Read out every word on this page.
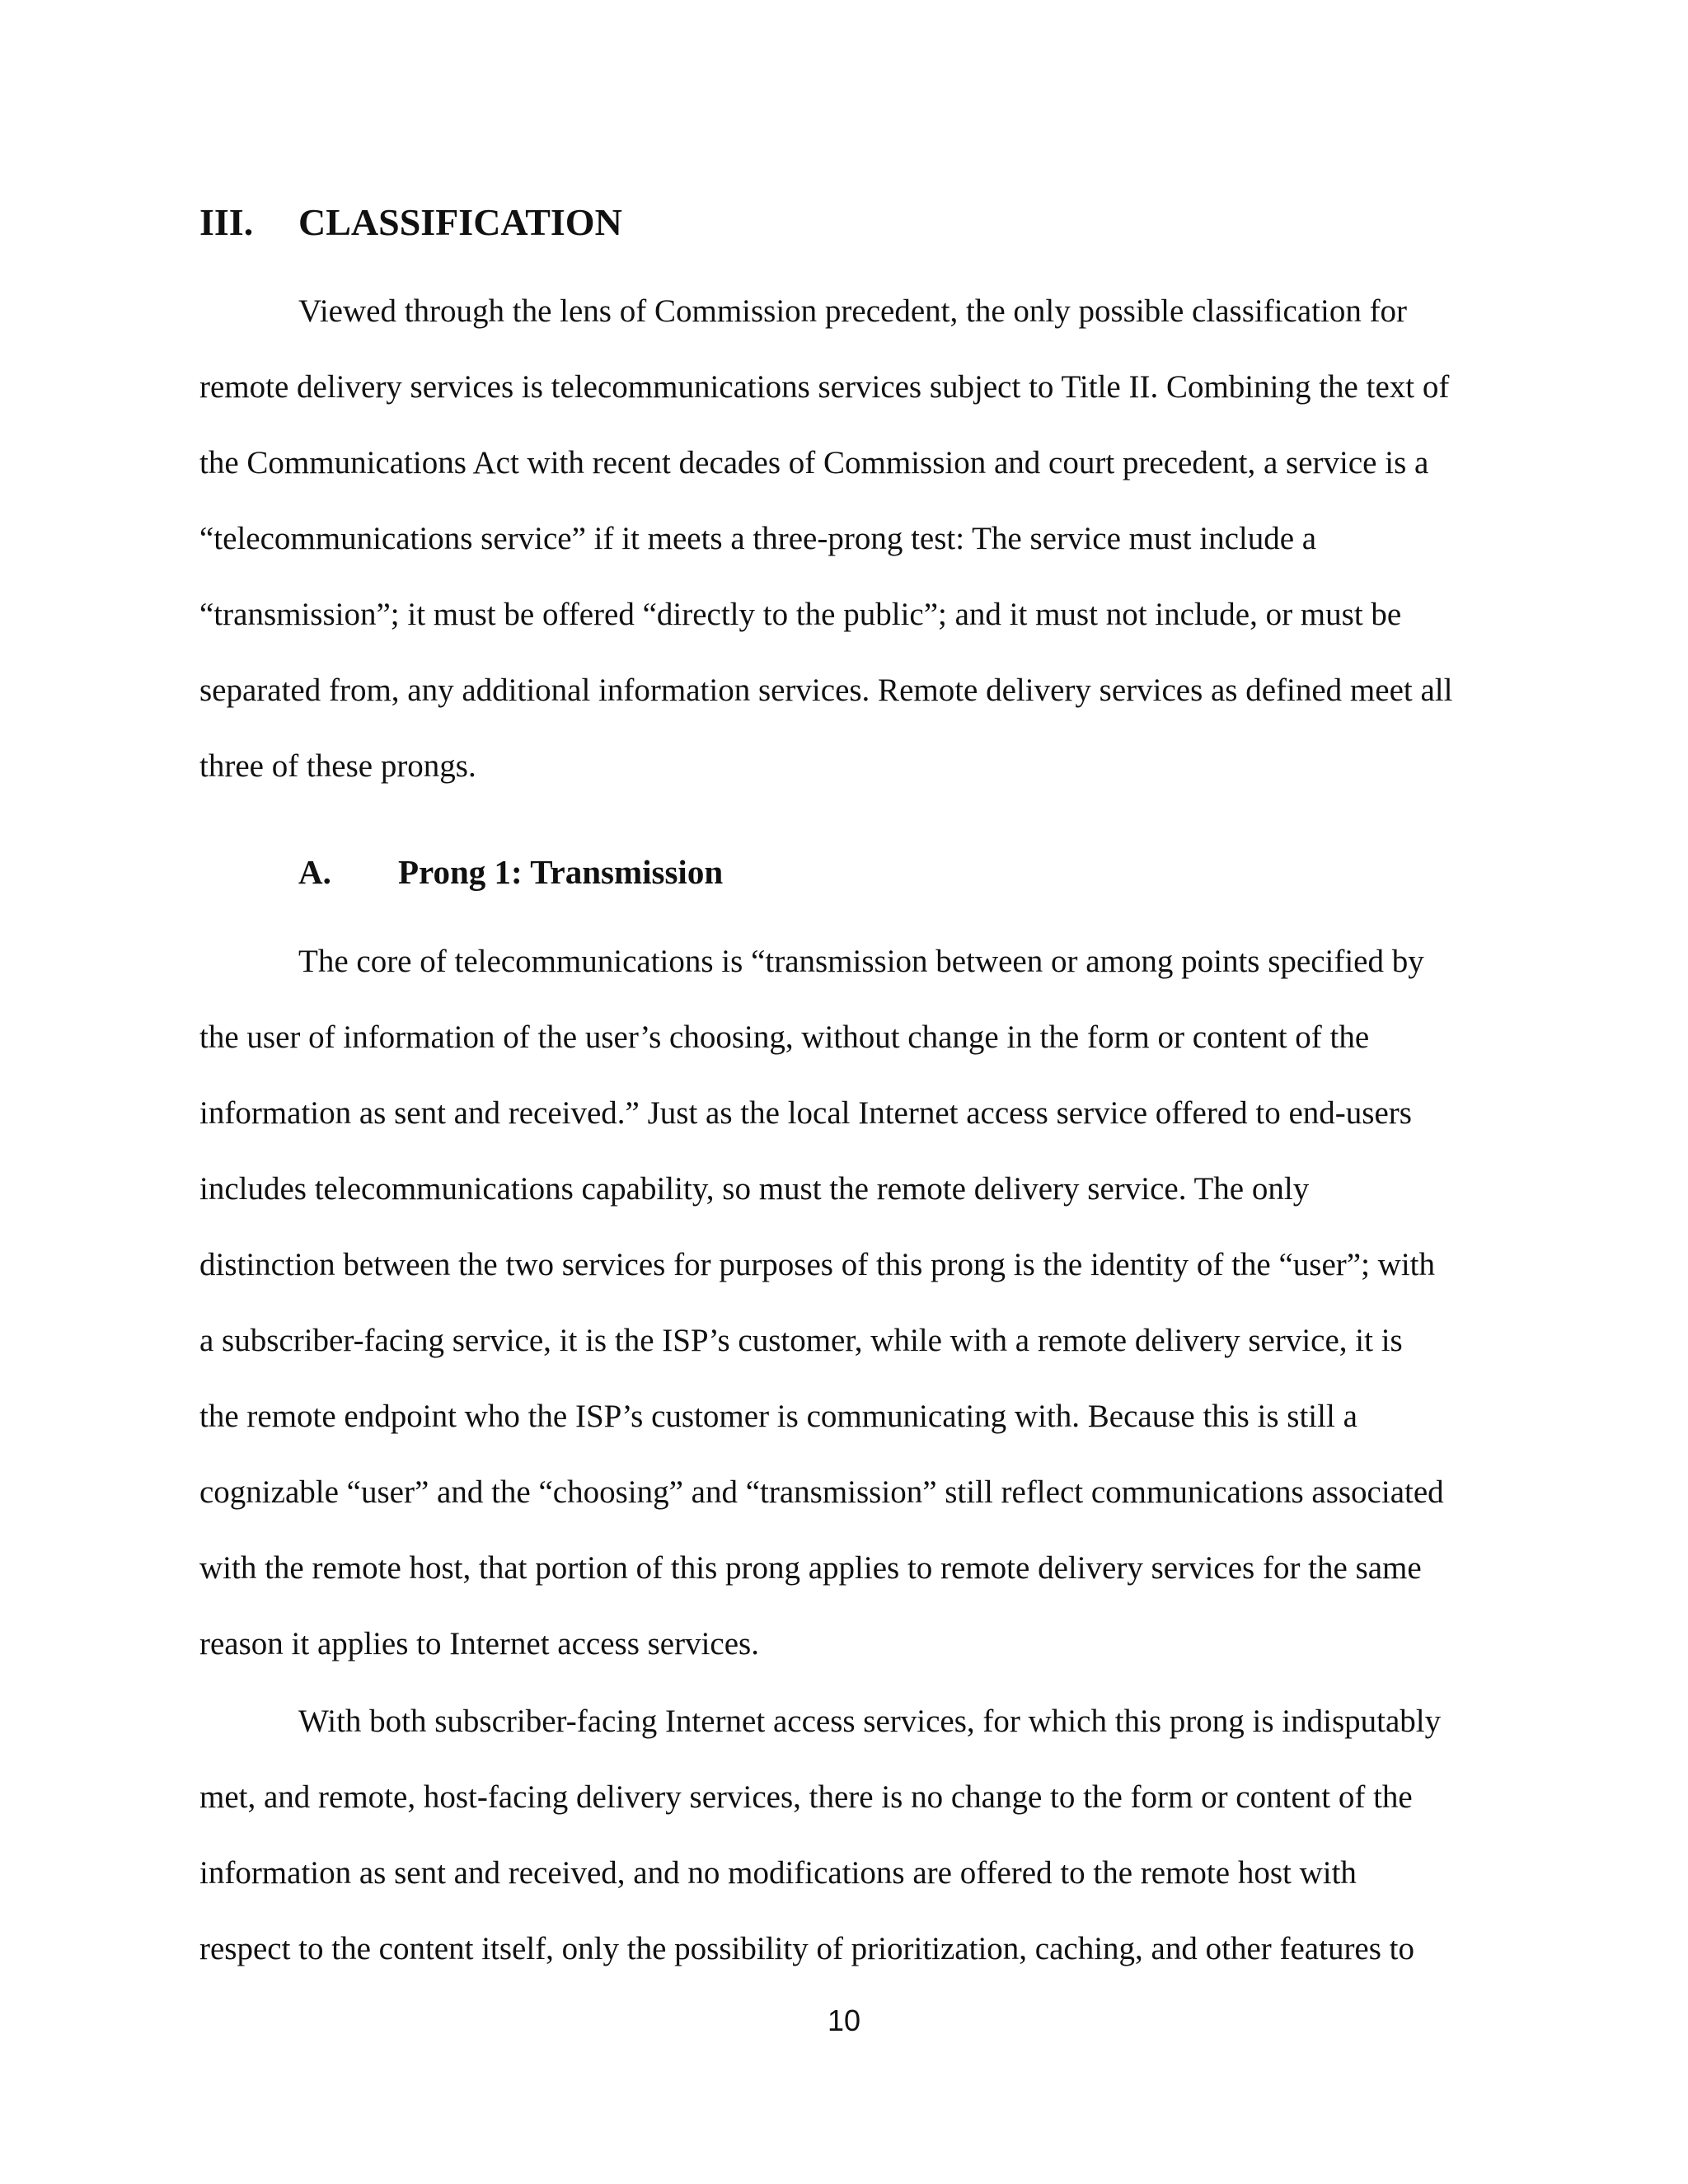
III. CLASSIFICATION
Viewed through the lens of Commission precedent, the only possible classification for
remote delivery services is telecommunications services subject to Title II. Combining the text of
the Communications Act with recent decades of Commission and court precedent, a service is a
“telecommunications service” if it meets a three-prong test: The service must include a
“transmission”; it must be offered “directly to the public”; and it must not include, or must be
separated from, any additional information services. Remote delivery services as defined meet all
three of these prongs.
A. Prong 1: Transmission
The core of telecommunications is “transmission between or among points specified by
the user of information of the user’s choosing, without change in the form or content of the
information as sent and received.” Just as the local Internet access service offered to end-users
includes telecommunications capability, so must the remote delivery service. The only
distinction between the two services for purposes of this prong is the identity of the “user”; with
a subscriber-facing service, it is the ISP’s customer, while with a remote delivery service, it is
the remote endpoint who the ISP’s customer is communicating with. Because this is still a
cognizable “user” and the “choosing” and “transmission” still reflect communications associated
with the remote host, that portion of this prong applies to remote delivery services for the same
reason it applies to Internet access services.
With both subscriber-facing Internet access services, for which this prong is indisputably
met, and remote, host-facing delivery services, there is no change to the form or content of the
information as sent and received, and no modifications are offered to the remote host with
respect to the content itself, only the possibility of prioritization, caching, and other features to
10
